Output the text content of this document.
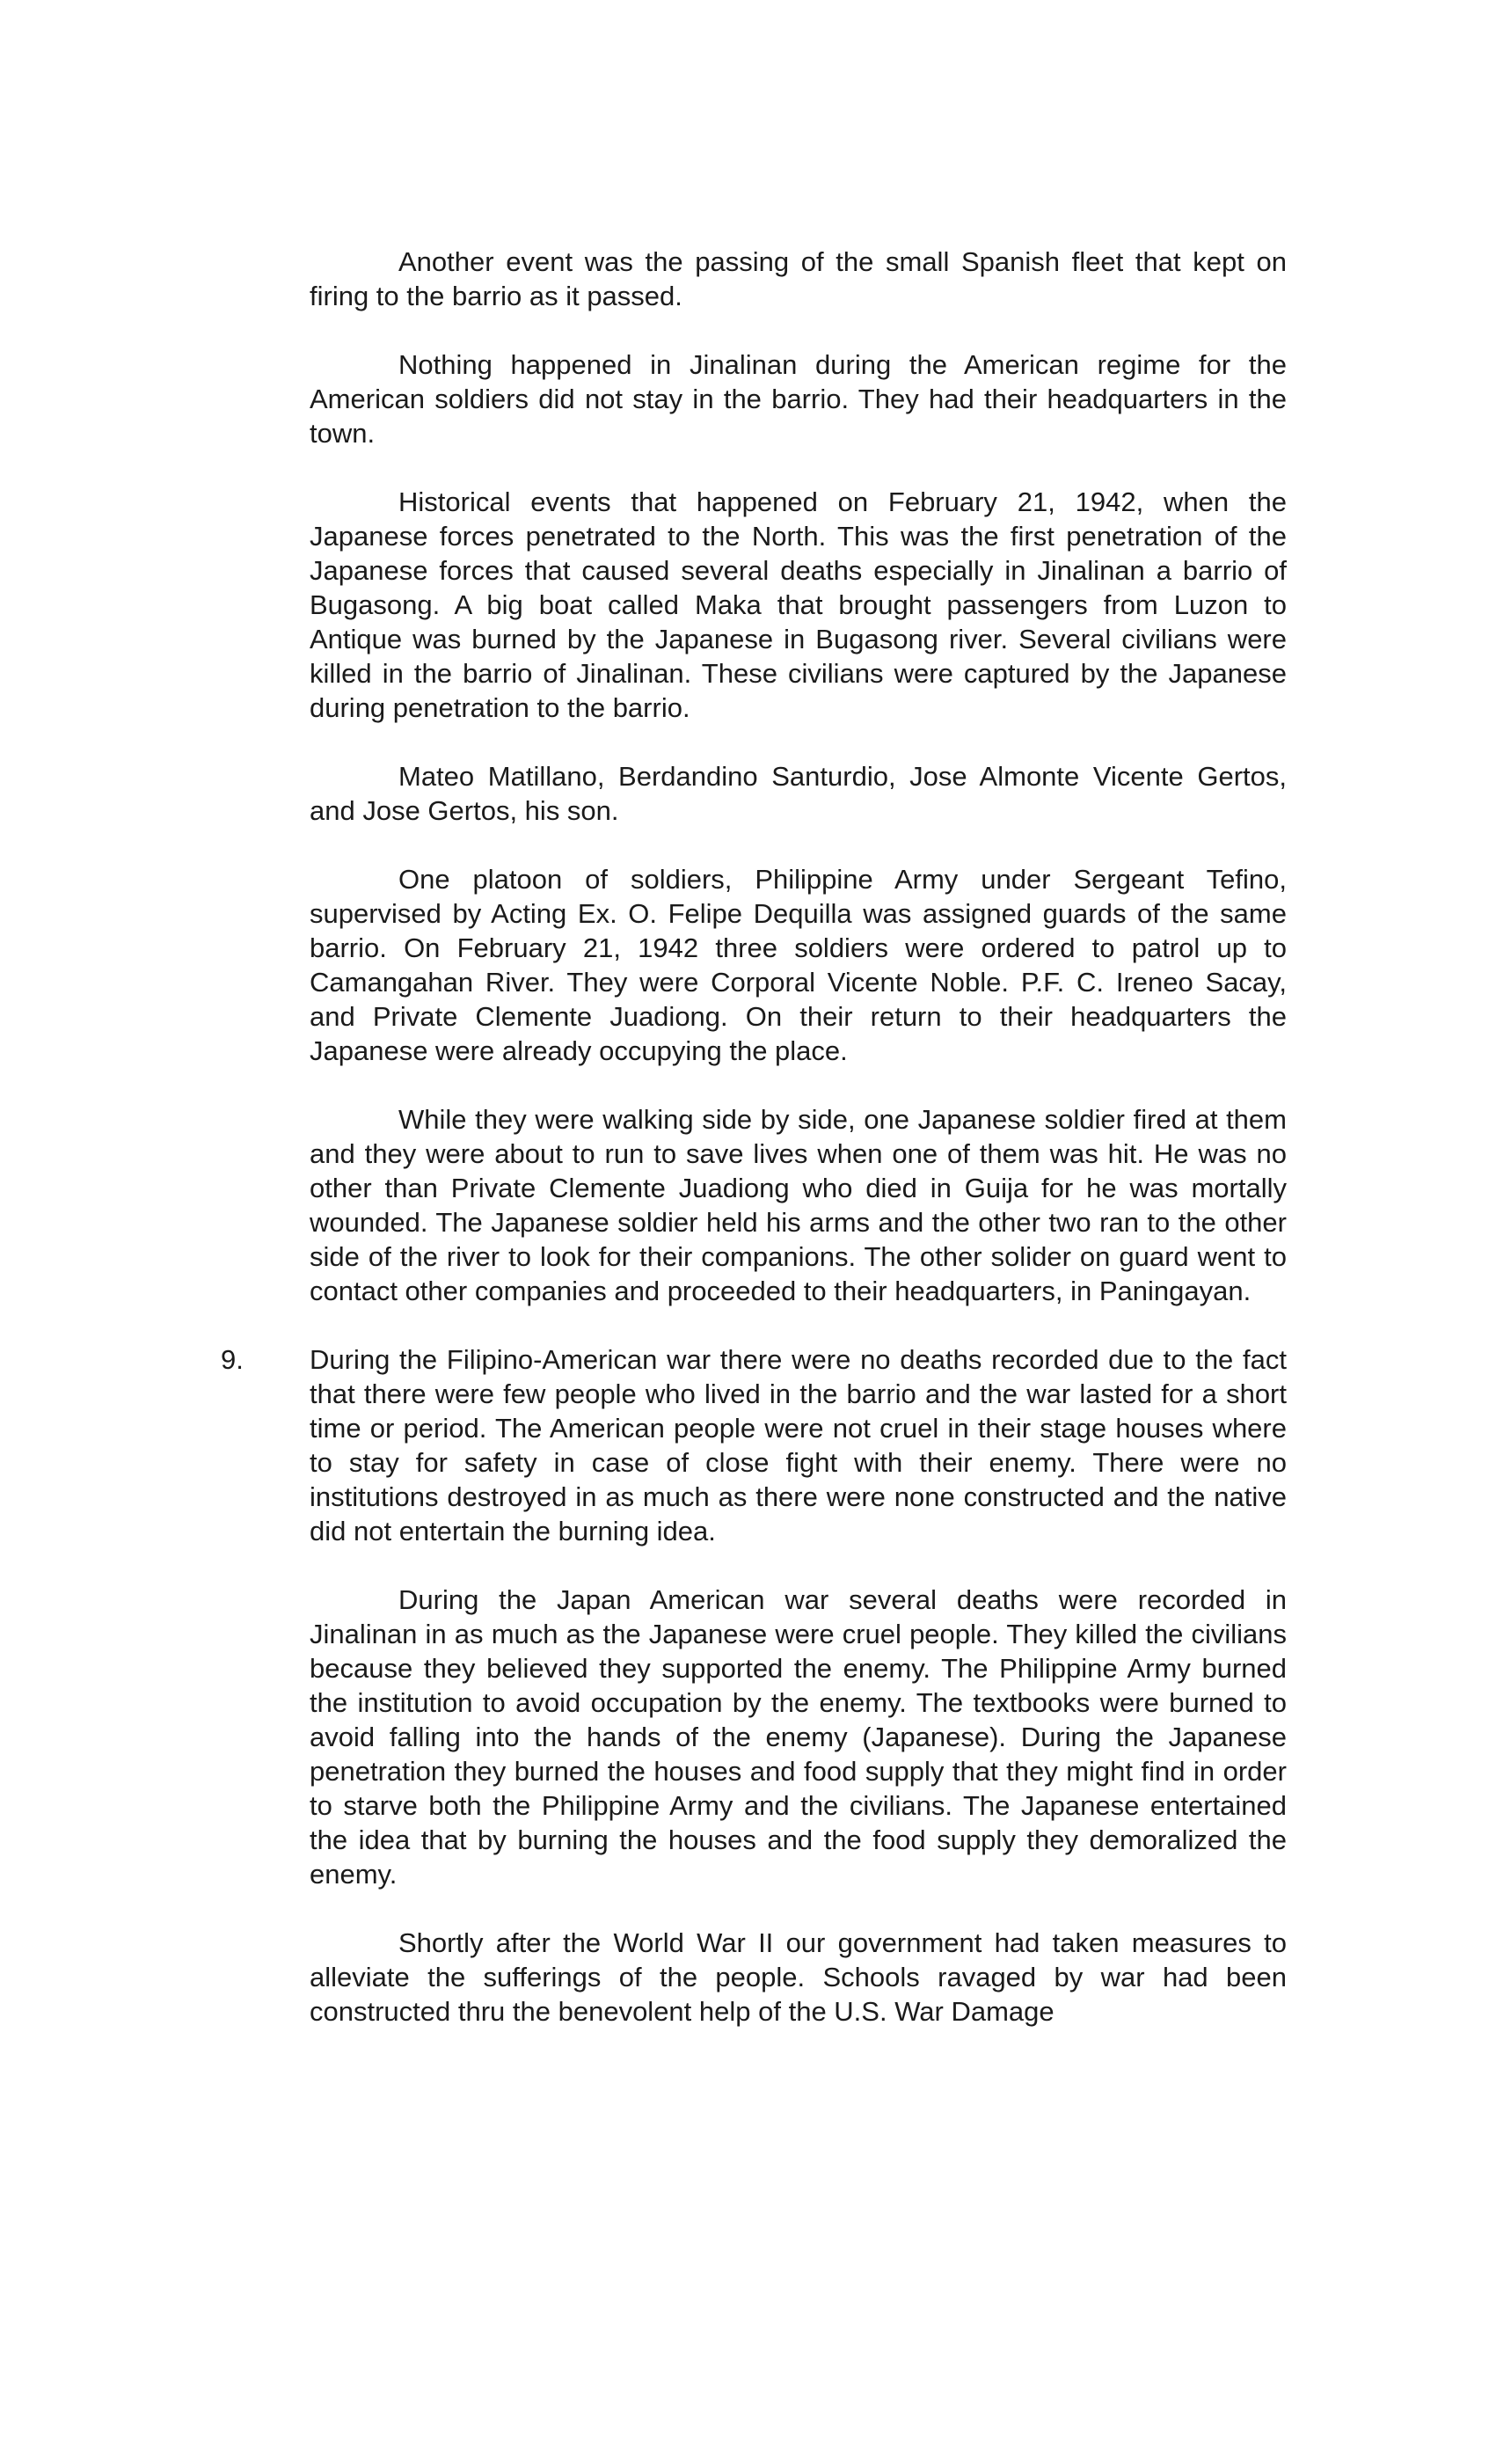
Another event was the passing of the small Spanish fleet that kept on firing to the barrio as it passed.

Nothing happened in Jinalinan during the American regime for the American soldiers did not stay in the barrio. They had their headquarters in the town.

Historical events that happened on February 21, 1942, when the Japanese forces penetrated to the North. This was the first penetration of the Japanese forces that caused several deaths especially in Jinalinan a barrio of Bugasong. A big boat called Maka that brought passengers from Luzon to Antique was burned by the Japanese in Bugasong river. Several civilians were killed in the barrio of Jinalinan. These civilians were captured by the Japanese during penetration to the barrio.

Mateo Matillano, Berdandino Santurdio, Jose Almonte Vicente Gertos, and Jose Gertos, his son.

One platoon of soldiers, Philippine Army under Sergeant Tefino, supervised by Acting Ex. O. Felipe Dequilla was assigned guards of the same barrio. On February 21, 1942 three soldiers were ordered to patrol up to Camangahan River. They were Corporal Vicente Noble. P.F. C. Ireneo Sacay, and Private Clemente Juadiong. On their return to their headquarters the Japanese were already occupying the place.

While they were walking side by side, one Japanese soldier fired at them and they were about to run to save lives when one of them was hit. He was no other than Private Clemente Juadiong who died in Guija for he was mortally wounded. The Japanese soldier held his arms and the other two ran to the other side of the river to look for their companions. The other solider on guard went to contact other companies and proceeded to their headquarters, in Paningayan.

9. During the Filipino-American war there were no deaths recorded due to the fact that there were few people who lived in the barrio and the war lasted for a short time or period. The American people were not cruel in their stage houses where to stay for safety in case of close fight with their enemy. There were no institutions destroyed in as much as there were none constructed and the native did not entertain the burning idea.

During the Japan American war several deaths were recorded in Jinalinan in as much as the Japanese were cruel people. They killed the civilians because they believed they supported the enemy. The Philippine Army burned the institution to avoid occupation by the enemy. The textbooks were burned to avoid falling into the hands of the enemy (Japanese). During the Japanese penetration they burned the houses and food supply that they might find in order to starve both the Philippine Army and the civilians. The Japanese entertained the idea that by burning the houses and the food supply they demoralized the enemy.

Shortly after the World War II our government had taken measures to alleviate the sufferings of the people. Schools ravaged by war had been constructed thru the benevolent help of the U.S. War Damage
